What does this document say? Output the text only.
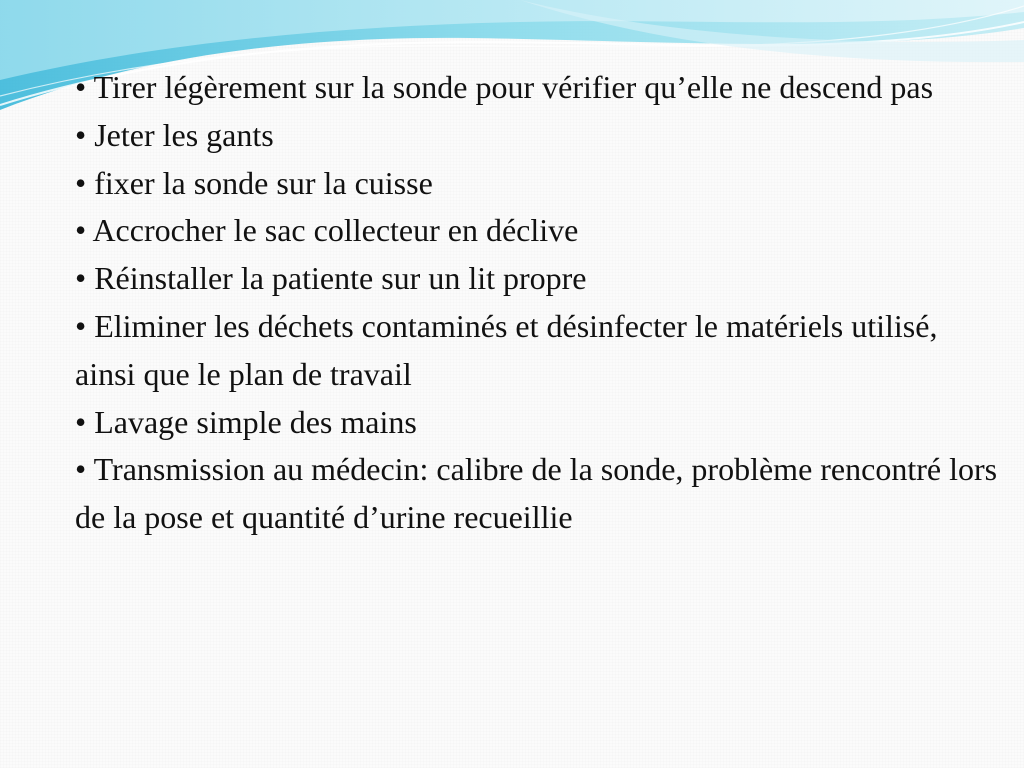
• Tirer légèrement sur la sonde pour vérifier qu’elle ne descend pas

• Jeter les gants

• fixer la sonde sur la cuisse

• Accrocher le sac collecteur en déclive

• Réinstaller la patiente sur un lit propre

• Eliminer les déchets contaminés et désinfecter le matériels utilisé, ainsi que le plan de travail

• Lavage simple des mains

• Transmission au médecin: calibre de la sonde, problème rencontré lors de la pose et quantité d’urine recueillie
